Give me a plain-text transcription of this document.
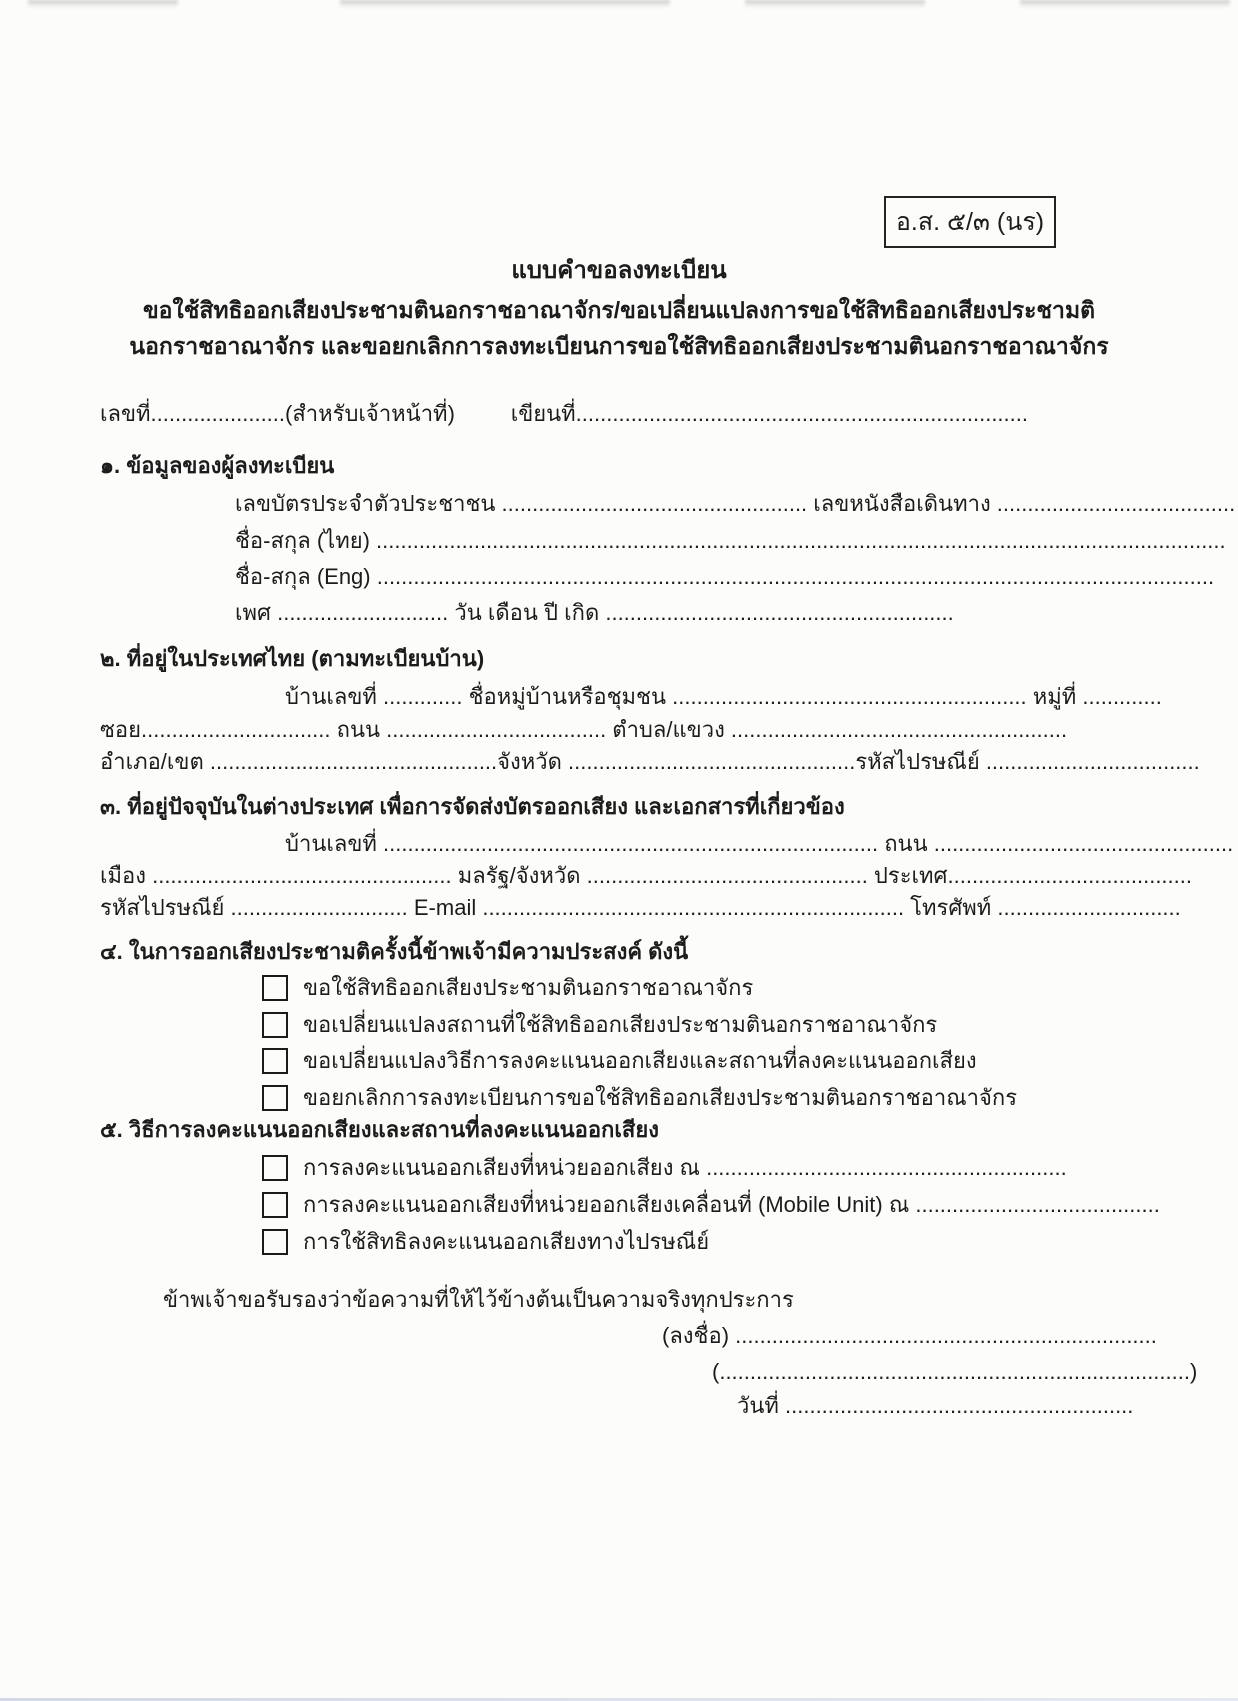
อ.ส. ๕/๓ (นร)
แบบคำขอลงทะเบียน
ขอใช้สิทธิออกเสียงประชามตินอกราชอาณาจักร/ขอเปลี่ยนแปลงการขอใช้สิทธิออกเสียงประชามติ
นอกราชอาณาจักร และขอยกเลิกการลงทะเบียนการขอใช้สิทธิออกเสียงประชามตินอกราชอาณาจักร
เลขที่......................(สำหรับเจ้าหน้าที่)	เขียนที่..........................................................................
๑. ข้อมูลของผู้ลงทะเบียน
เลขบัตรประจำตัวประชาชน .................................................. เลขหนังสือเดินทาง .......................................
ชื่อ-สกุล (ไทย) ...........................................................................................................................................
ชื่อ-สกุล (Eng) .........................................................................................................................................
เพศ ............................ วัน เดือน ปี เกิด .........................................................
๒. ที่อยู่ในประเทศไทย (ตามทะเบียนบ้าน)
บ้านเลขที่ ............. ชื่อหมู่บ้านหรือชุมชน .......................................................... หมู่ที่ .............
ซอย............................... ถนน .................................... ตำบล/แขวง .......................................................
อำเภอ/เขต ...............................................จังหวัด ...............................................รหัสไปรษณีย์ ...................................
๓. ที่อยู่ปัจจุบันในต่างประเทศ เพื่อการจัดส่งบัตรออกเสียง และเอกสารที่เกี่ยวข้อง
บ้านเลขที่ ................................................................................. ถนน .................................................
เมือง ................................................. มลรัฐ/จังหวัด .............................................. ประเทศ........................................
รหัสไปรษณีย์ ............................. E-mail ..................................................................... โทรศัพท์ ..............................
๔. ในการออกเสียงประชามติครั้งนี้ข้าพเจ้ามีความประสงค์ ดังนี้
ขอใช้สิทธิออกเสียงประชามตินอกราชอาณาจักร
ขอเปลี่ยนแปลงสถานที่ใช้สิทธิออกเสียงประชามตินอกราชอาณาจักร
ขอเปลี่ยนแปลงวิธีการลงคะแนนออกเสียงและสถานที่ลงคะแนนออกเสียง
ขอยกเลิกการลงทะเบียนการขอใช้สิทธิออกเสียงประชามตินอกราชอาณาจักร
๕. วิธีการลงคะแนนออกเสียงและสถานที่ลงคะแนนออกเสียง
การลงคะแนนออกเสียงที่หน่วยออกเสียง ณ ...........................................................
การลงคะแนนออกเสียงที่หน่วยออกเสียงเคลื่อนที่ (Mobile Unit) ณ ........................................
การใช้สิทธิลงคะแนนออกเสียงทางไปรษณีย์
ข้าพเจ้าขอรับรองว่าข้อความที่ให้ไว้ข้างต้นเป็นความจริงทุกประการ
(ลงชื่อ) .....................................................................
(.............................................................................)
วันที่ .........................................................
